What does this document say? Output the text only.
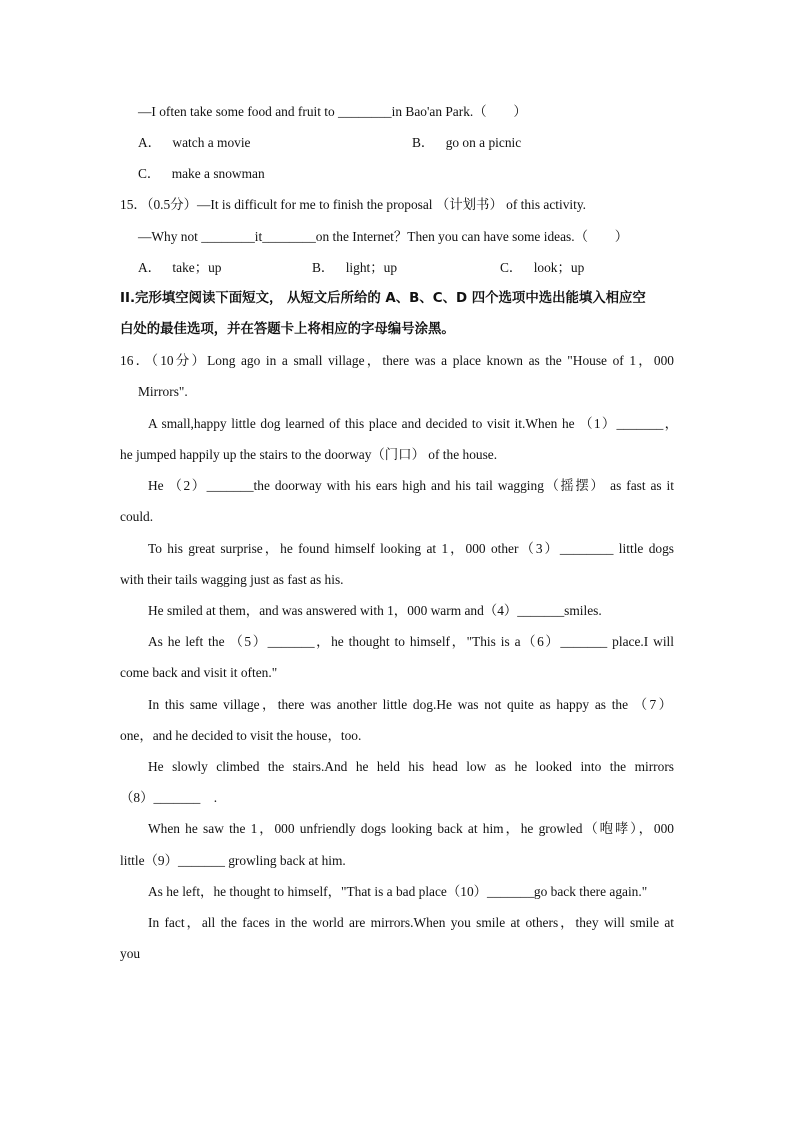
—I often take some food and fruit to ________in Bao'an Park.（　　）
A． watch a movie	B． go on a picnic
C． make a snowman
15．（0.5分）—It is difficult for me to finish the proposal （计划书） of this activity.
—Why not ________it________on the Internet？Then you can have some ideas.（　　）
A． take；up	B． light；up	C． look；up
II.完形填空阅读下面短文， 从短文后所给的 A、B、C、D 四个选项中选出能填入相应空
白处的最佳选项，并在答题卡上将相应的字母编号涂黑。
16．（10分）Long ago in a small village，there was a place known as the "House of 1，000
Mirrors".
A small,happy little dog learned of this place and decided to visit it.When he （1）_______，
he jumped happily up the stairs to the doorway（门口） of the house.
He （2）_______the doorway with his ears high and his tail wagging（摇摆） as fast as it
could.
To his great surprise，he found himself looking at 1，000 other（3）________ little dogs
with their tails wagging just as fast as his.
He smiled at them，and was answered with 1，000 warm and（4）_______smiles.
As he left the （5）_______，he thought to himself，"This is a（6）_______ place.I will
come back and visit it often."
In this same village，there was another little dog.He was not quite as happy as the （7）
one，and he decided to visit the house，too.
He slowly climbed the stairs.And he held his head low as he looked into the mirrors
（8）_______　.
When he saw the 1，000 unfriendly dogs looking back at him，he growled（咆哮），000
little（9）_______ growling back at him.
As he left，he thought to himself，"That is a bad place（10）_______go back there again."
In fact，all the faces in the world are mirrors.When you smile at others，they will smile at
you
